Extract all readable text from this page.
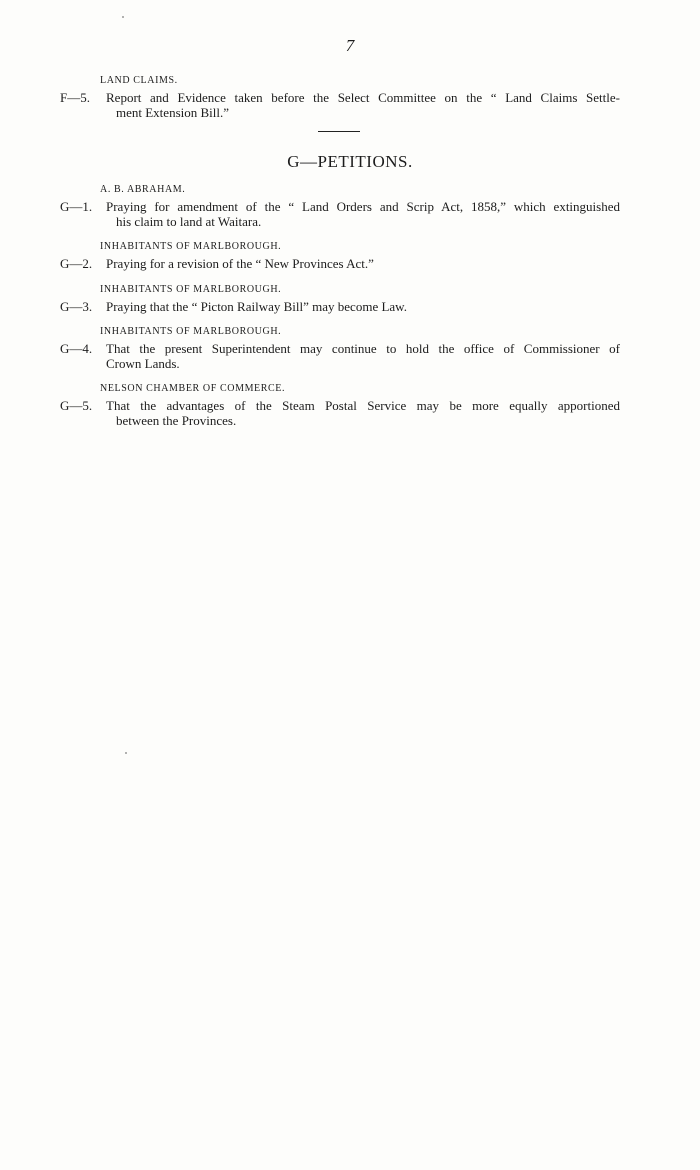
7
LAND CLAIMS.
F—5.	Report and Evidence taken before the Select Committee on the “ Land Claims Settle-
ment Extension Bill.”
G—PETITIONS.
A. B. ABRAHAM.
G—1.	Praying for amendment of the “ Land Orders and Scrip Act, 1858,” which extinguished
his claim to land at Waitara.
INHABITANTS OF MARLBOROUGH.
G—2.	Praying for a revision of the “ New Provinces Act.”
INHABITANTS OF MARLBOROUGH.
G—3.	Praying that the “ Picton Railway Bill” may become Law.
INHABITANTS OF MARLBOROUGH.
G—4.	That the present Superintendent may continue to hold the office of Commissioner of
Crown Lands.
NELSON CHAMBER OF COMMERCE.
G—5.	That the advantages of the Steam Postal Service may be more equally apportioned
between the Provinces.
